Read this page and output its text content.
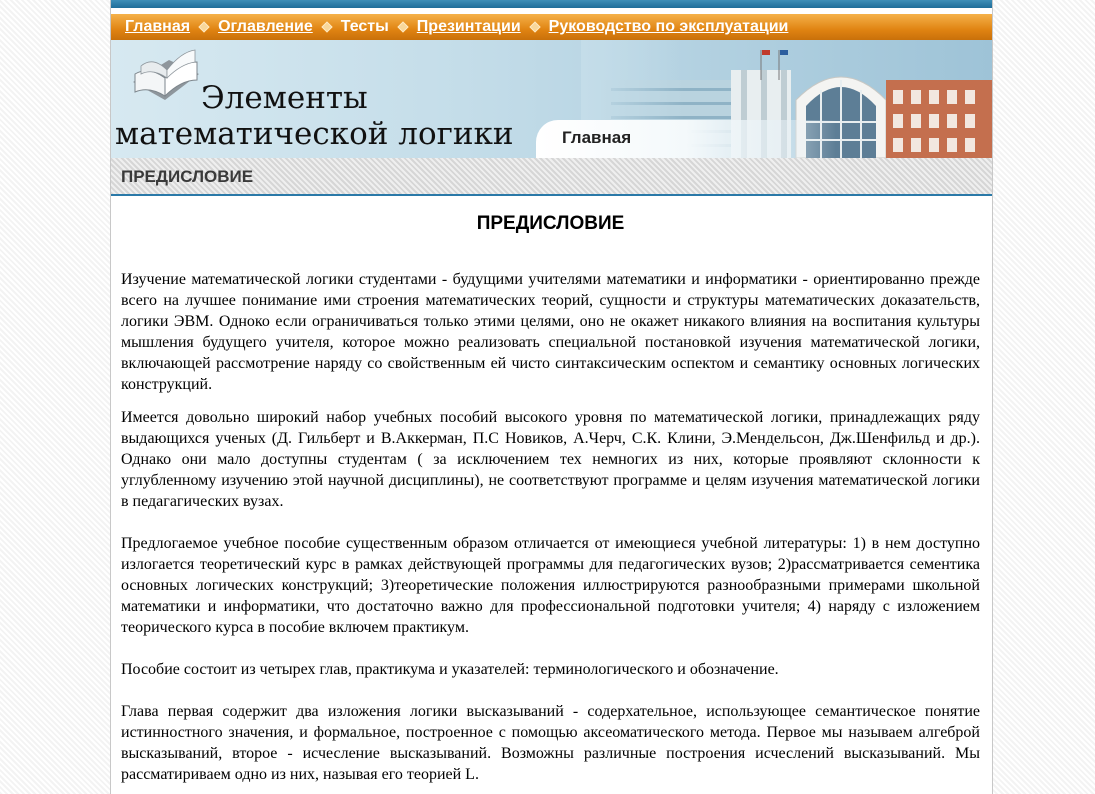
Главная Оглавление Тесты Презинтации Руководство по эксплуатации
Элементы
математической логики	Главная
ПРЕДИСЛОВИЕ
ПРЕДИСЛОВИЕ

Изучение математической логики студентами - будущими учителями математики и информатики - ориентированно прежде всего на лучшее понимание ими строения математических теорий, сущности и структуры математических доказательств, логики ЭВМ. Одноко если ограничиваться только этими целями, оно не окажет никакого влияния на воспитания культуры мышления будущего учителя, которое можно реализовать специальной постановкой изучения математической логики, включающей рассмотрение наряду со свойственным ей чисто синтаксическим оспектом и семантику основных логических конструкций.

Имеется довольно широкий набор учебных пособий высокого уровня по математической логики, принадлежащих ряду выдающихся ученых (Д. Гильберт и В.Аккерман, П.С Новиков, А.Черч, С.К. Клини, Э.Мендельсон, Дж.Шенфильд и др.). Однако они мало доступны студентам ( за исключением тех немногих из них, которые проявляют склонности к углубленному изучению этой научной дисциплины), не соответствуют программе и целям изучения математической логики в педагагических вузах.

Предлогаемое учебное пособие существенным образом отличается от имеющиеся учебной литературы: 1) в нем доступно излогается теоретический курс в рамках действующей программы для педагогических вузов; 2)рассматривается сементика основных логических конструкций; 3)теоретические положения иллюстрируются разнообразными примерами школьной математики и информатики, что достаточно важно для профессиональной подготовки учителя; 4) наряду с изложением теорического курса в пособие включем практикум.

Пособие состоит из четырех глав, практикума и указателей: терминологического и обозначение.

Глава первая содержит два изложения логики высказываний - содерхательное, использующее семантическое понятие истинностного значения, и формальное, построенное с помощью аксеоматического метода. Первое мы называем алгеброй высказываний, второе - исчесление высказываний. Возможны различные построения исчеслений высказываний. Мы рассматириваем одно из них, называя его теорией L.
